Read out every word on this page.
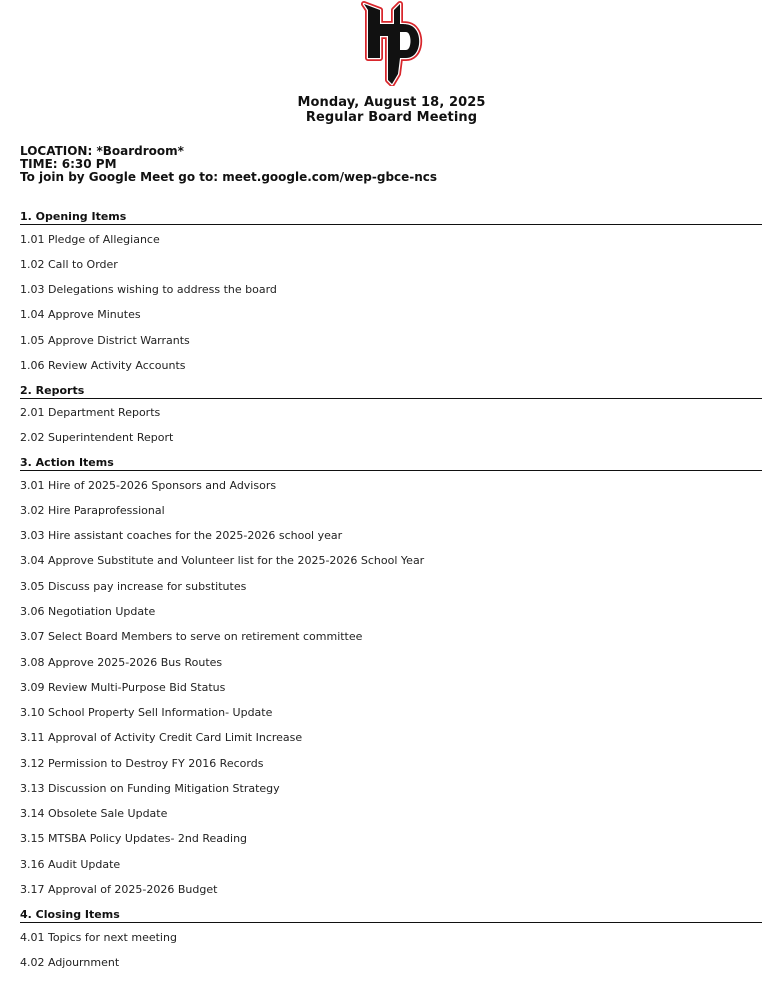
Monday, August 18, 2025
Regular Board Meeting
LOCATION: *Boardroom*
TIME: 6:30 PM
To join by Google Meet go to: meet.google.com/wep-gbce-ncs
1. Opening Items
1.01 Pledge of Allegiance
1.02 Call to Order
1.03 Delegations wishing to address the board
1.04 Approve Minutes
1.05 Approve District Warrants
1.06 Review Activity Accounts
2. Reports
2.01 Department Reports
2.02 Superintendent Report
3. Action Items
3.01 Hire of 2025-2026 Sponsors and Advisors
3.02 Hire Paraprofessional
3.03 Hire assistant coaches for the 2025-2026 school year
3.04 Approve Substitute and Volunteer list for the 2025-2026 School Year
3.05 Discuss pay increase for substitutes
3.06 Negotiation Update
3.07 Select Board Members to serve on retirement committee
3.08 Approve 2025-2026 Bus Routes
3.09 Review Multi-Purpose Bid Status
3.10 School Property Sell Information- Update
3.11 Approval of Activity Credit Card Limit Increase
3.12 Permission to Destroy FY 2016 Records
3.13 Discussion on Funding Mitigation Strategy
3.14 Obsolete Sale Update
3.15 MTSBA Policy Updates- 2nd Reading
3.16 Audit Update
3.17 Approval of 2025-2026 Budget
4. Closing Items
4.01 Topics for next meeting
4.02 Adjournment
